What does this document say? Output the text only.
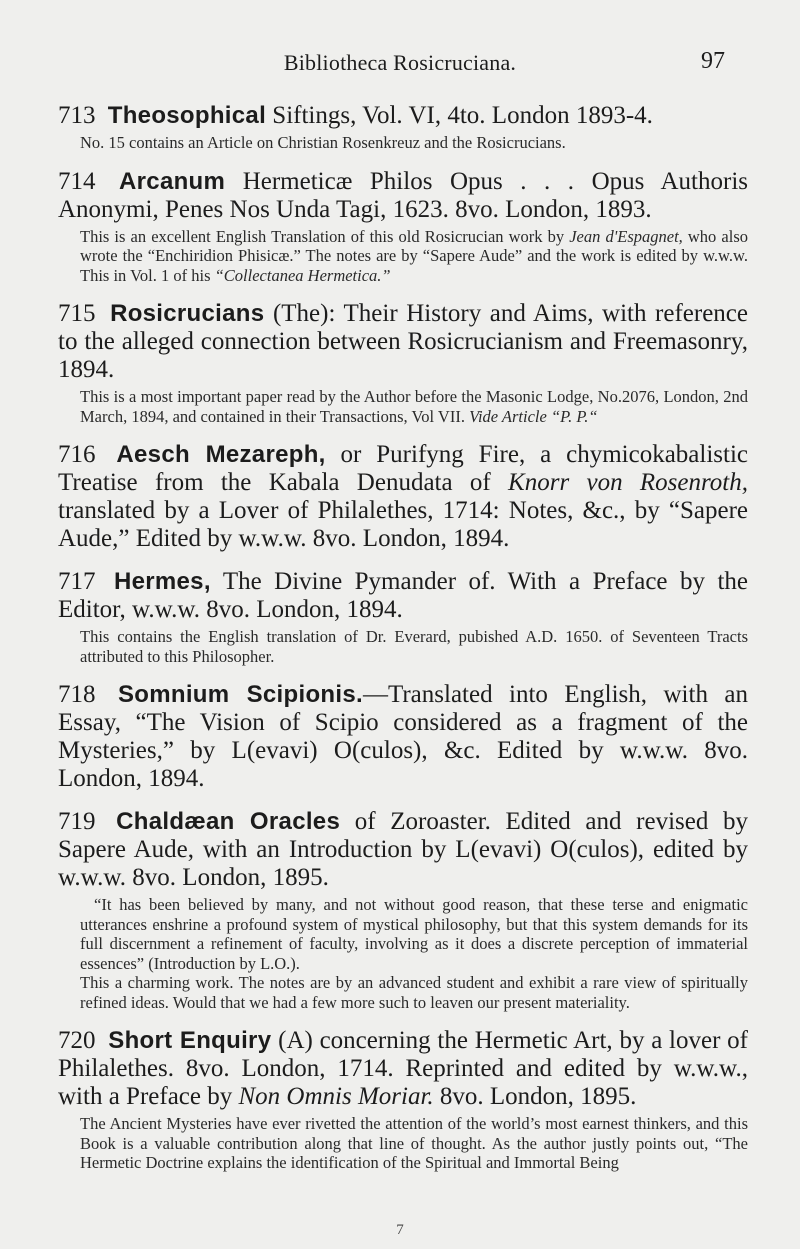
Bibliotheca Rosicruciana.	97

713 Theosophical Siftings, Vol. VI, 4to. London 1893-4.

No. 15 contains an Article on Christian Rosenkreuz and the Rosicrucians.

714 Arcanum Hermeticæ Philos Opus . . . Opus Authoris Anonymi, Penes Nos Unda Tagi, 1623. 8vo. London, 1893.

This is an excellent English Translation of this old Rosicrucian work by Jean d'Espagnet, who also wrote the “Enchiridion Phisicæ.” The notes are by “Sapere Aude” and the work is edited by w.w.w. This in Vol. 1 of his “Collectanea Hermetica.”

715 Rosicrucians (The): Their History and Aims, with reference to the alleged connection between Rosicrucianism and Freemasonry, 1894.

This is a most important paper read by the Author before the Masonic Lodge, No.2076, London, 2nd March, 1894, and contained in their Transactions, Vol VII. Vide Article “P. P.“

716 Aesch Mezareph, or Purifyng Fire, a chymicokabalistic Treatise from the Kabala Denudata of Knorr von Rosenroth, translated by a Lover of Philalethes, 1714: Notes, &c., by “Sapere Aude,” Edited by w.w.w. 8vo. London, 1894.

717 Hermes, The Divine Pymander of. With a Preface by the Editor, w.w.w. 8vo. London, 1894.

This contains the English translation of Dr. Everard, pubished A.D. 1650. of Seventeen Tracts attributed to this Philosopher.

718 Somnium Scipionis.—Translated into English, with an Essay, “The Vision of Scipio considered as a fragment of the Mysteries,” by L(evavi) O(culos), &c. Edited by w.w.w. 8vo. London, 1894.

719 Chaldæan Oracles of Zoroaster. Edited and revised by Sapere Aude, with an Introduction by L(evavi) O(culos), edited by w.w.w. 8vo. London, 1895.

“It has been believed by many, and not without good reason, that these terse and enigmatic utterances enshrine a profound system of mystical philosophy, but that this system demands for its full discernment a refinement of faculty, involving as it does a discrete perception of immaterial essences” (Introduction by L.O.).

This a charming work. The notes are by an advanced student and exhibit a rare view of spiritually refined ideas. Would that we had a few more such to leaven our present materiality.

720 Short Enquiry (A) concerning the Hermetic Art, by a lover of Philalethes. 8vo. London, 1714. Reprinted and edited by w.w.w., with a Preface by Non Omnis Moriar. 8vo. London, 1895.

The Ancient Mysteries have ever rivetted the attention of the world’s most earnest thinkers, and this Book is a valuable contribution along that line of thought. As the author justly points out, “The Hermetic Doctrine explains the identification of the Spiritual and Immortal Being

7
